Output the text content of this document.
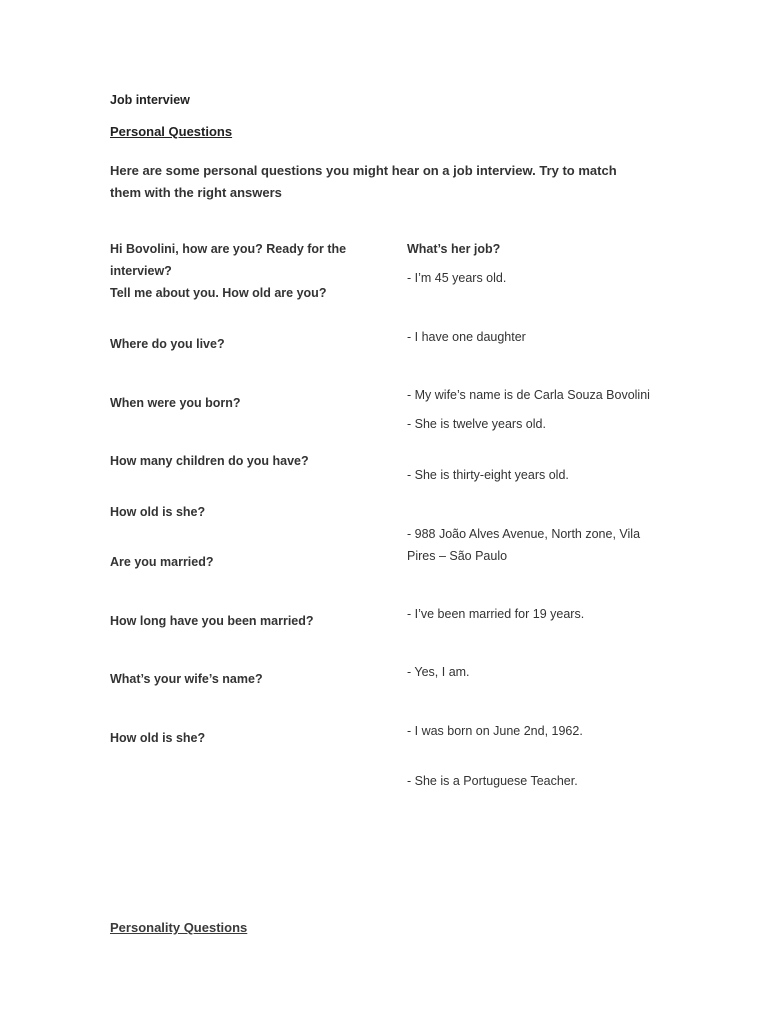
Job interview

Personal Questions

Here are some personal questions you might hear on a job interview. Try to match them with the right answers

Hi Bovolini, how are you? Ready for the interview?
Tell me about you. How old are you?

Where do you live?

When were you born?

How many children do you have?

How old is she?

Are you married?

How long have you been married?

What’s your wife’s name?

How old is she?

What’s her job?

- I’m 45 years old.

- I have one daughter

- My wife’s name is de Carla Souza Bovolini

- She is twelve years old.

- She is thirty-eight years old.

- 988 João Alves Avenue, North zone, Vila Pires – São Paulo

- I’ve been married for 19 years.

- Yes, I am.

- I was born on June 2nd, 1962.

- She is a Portuguese Teacher.

Personality Questions
